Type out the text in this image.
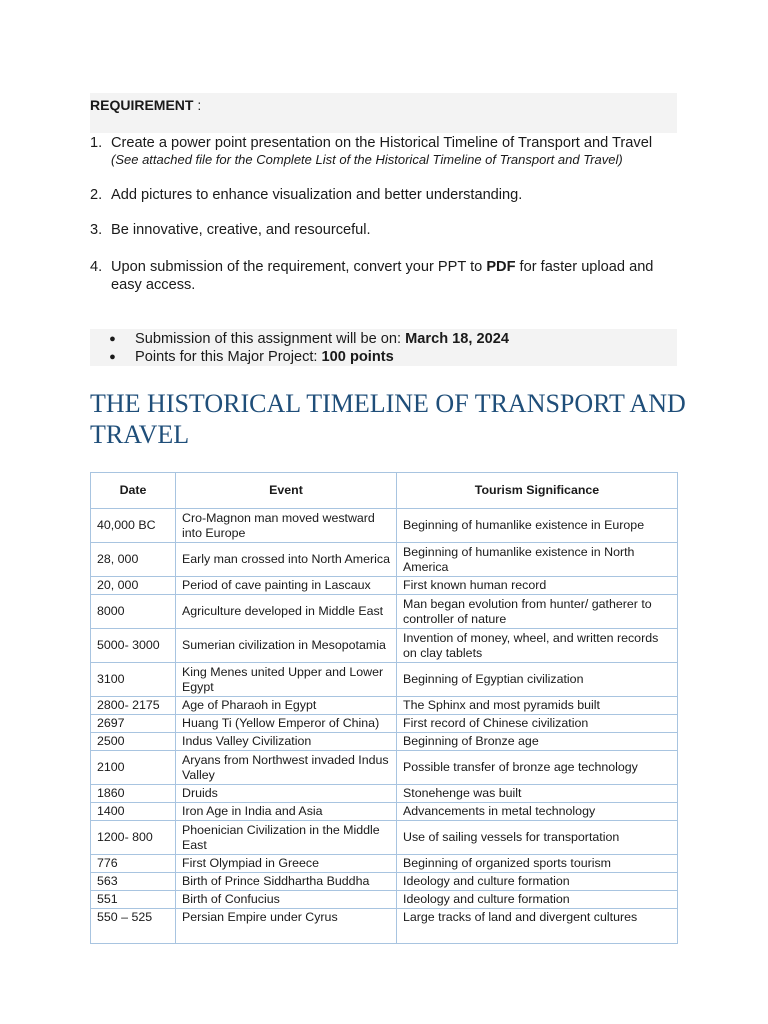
REQUIREMENT :
1. Create a power point presentation on the Historical Timeline of Transport and Travel
(See attached file for the Complete List of the Historical Timeline of Transport and Travel)
2. Add pictures to enhance visualization and better understanding.
3. Be innovative, creative, and resourceful.
4. Upon submission of the requirement, convert your PPT to PDF for faster upload and easy access.
●	Submission of this assignment will be on: March 18, 2024
●	Points for this Major Project: 100 points
THE HISTORICAL TIMELINE OF TRANSPORT AND TRAVEL
Date	Event	Tourism Significance
40,000 BC	Cro-Magnon man moved westward into Europe	Beginning of humanlike existence in Europe
28, 000	Early man crossed into North America	Beginning of humanlike existence in North America
20, 000	Period of cave painting in Lascaux	First known human record
8000	Agriculture developed in Middle East	Man began evolution from hunter/ gatherer to controller of nature
5000- 3000	Sumerian civilization in Mesopotamia	Invention of money, wheel, and written records on clay tablets
3100	King Menes united Upper and Lower Egypt	Beginning of Egyptian civilization
2800- 2175	Age of Pharaoh in Egypt	The Sphinx and most pyramids built
2697	Huang Ti (Yellow Emperor of China)	First record of Chinese civilization
2500	Indus Valley Civilization	Beginning of Bronze age
2100	Aryans from Northwest invaded Indus Valley	Possible transfer of bronze age technology
1860	Druids	Stonehenge was built
1400	Iron Age in India and Asia	Advancements in metal technology
1200- 800	Phoenician Civilization in the Middle East	Use of sailing vessels for transportation
776	First Olympiad in Greece	Beginning of organized sports tourism
563	Birth of Prince Siddhartha Buddha	Ideology and culture formation
551	Birth of Confucius	Ideology and culture formation
550 – 525	Persian Empire under Cyrus	Large tracks of land and divergent cultures
